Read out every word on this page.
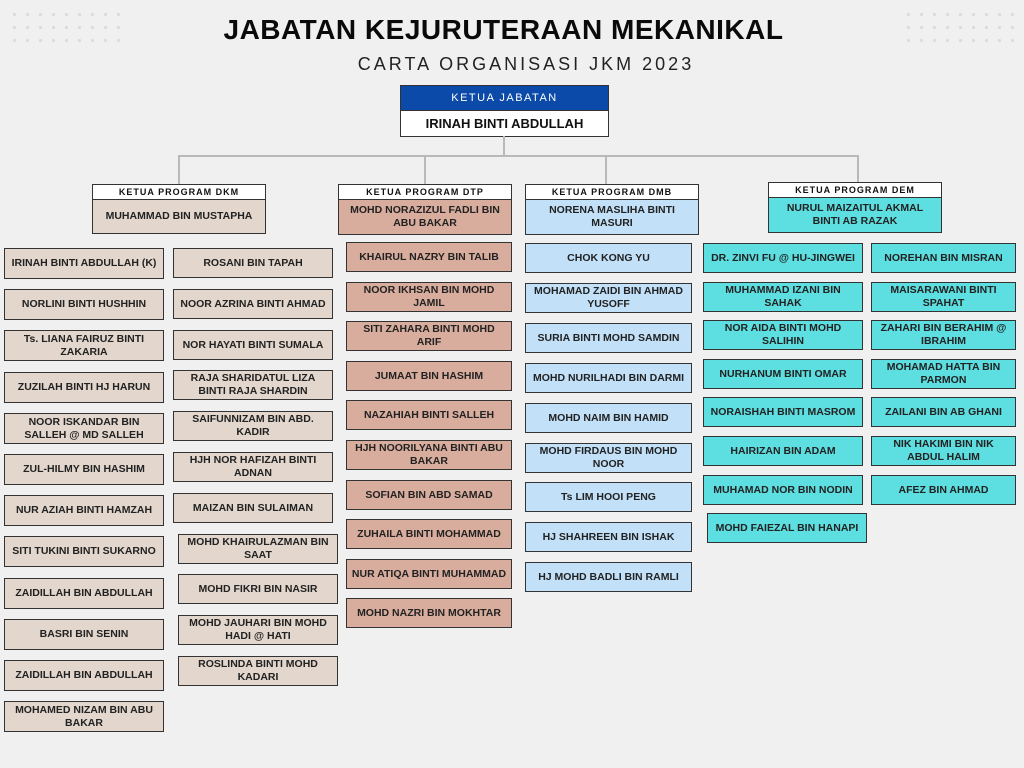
JABATAN KEJURUTERAAN MEKANIKAL
CARTA ORGANISASI JKM 2023
KETUA JABATAN
IRINAH BINTI ABDULLAH
KETUA PROGRAM DKM
MUHAMMAD BIN MUSTAPHA
KETUA PROGRAM DTP
MOHD NORAZIZUL FADLI BIN ABU BAKAR
KETUA PROGRAM DMB
NORENA MASLIHA BINTI MASURI
KETUA PROGRAM DEM
NURUL MAIZAITUL AKMAL BINTI AB RAZAK
IRINAH BINTI ABDULLAH (K)
NORLINI BINTI HUSHHIN
Ts. LIANA FAIRUZ BINTI ZAKARIA
ZUZILAH BINTI HJ HARUN
NOOR ISKANDAR BIN SALLEH @ MD SALLEH
ZUL-HILMY BIN HASHIM
NUR AZIAH BINTI HAMZAH
SITI TUKINI BINTI SUKARNO
ZAIDILLAH BIN ABDULLAH
BASRI BIN SENIN
ZAIDILLAH BIN ABDULLAH
MOHAMED NIZAM BIN ABU BAKAR
ROSANI BIN TAPAH
NOOR AZRINA BINTI AHMAD
NOR HAYATI BINTI SUMALA
RAJA SHARIDATUL LIZA BINTI RAJA SHARDIN
SAIFUNNIZAM BIN ABD. KADIR
HJH NOR HAFIZAH BINTI ADNAN
MAIZAN BIN SULAIMAN
MOHD KHAIRULAZMAN BIN SAAT
MOHD FIKRI BIN NASIR
MOHD JAUHARI BIN MOHD HADI @ HATI
ROSLINDA BINTI MOHD KADARI
KHAIRUL NAZRY BIN TALIB
NOOR IKHSAN BIN MOHD JAMIL
SITI ZAHARA BINTI MOHD ARIF
JUMAAT BIN HASHIM
NAZAHIAH BINTI SALLEH
HJH NOORILYANA BINTI ABU BAKAR
SOFIAN BIN ABD SAMAD
ZUHAILA BINTI MOHAMMAD
NUR ATIQA BINTI MUHAMMAD
MOHD NAZRI BIN MOKHTAR
CHOK KONG YU
MOHAMAD ZAIDI BIN AHMAD YUSOFF
SURIA BINTI MOHD SAMDIN
MOHD NURILHADI BIN DARMI
MOHD NAIM BIN HAMID
MOHD FIRDAUS BIN MOHD NOOR
Ts LIM HOOI PENG
HJ SHAHREEN BIN ISHAK
HJ MOHD BADLI BIN RAMLI
DR. ZINVI FU @ HU-JINGWEI
MUHAMMAD IZANI BIN SAHAK
NOR AIDA BINTI MOHD SALIHIN
NURHANUM BINTI OMAR
NORAISHAH BINTI MASROM
HAIRIZAN BIN ADAM
MUHAMAD NOR BIN NODIN
MOHD FAIEZAL BIN HANAPI
NOREHAN BIN MISRAN
MAISARAWANI BINTI SPAHAT
ZAHARI BIN BERAHIM @ IBRAHIM
MOHAMAD HATTA BIN PARMON
ZAILANI BIN AB GHANI
NIK HAKIMI BIN NIK ABDUL HALIM
AFEZ BIN AHMAD
